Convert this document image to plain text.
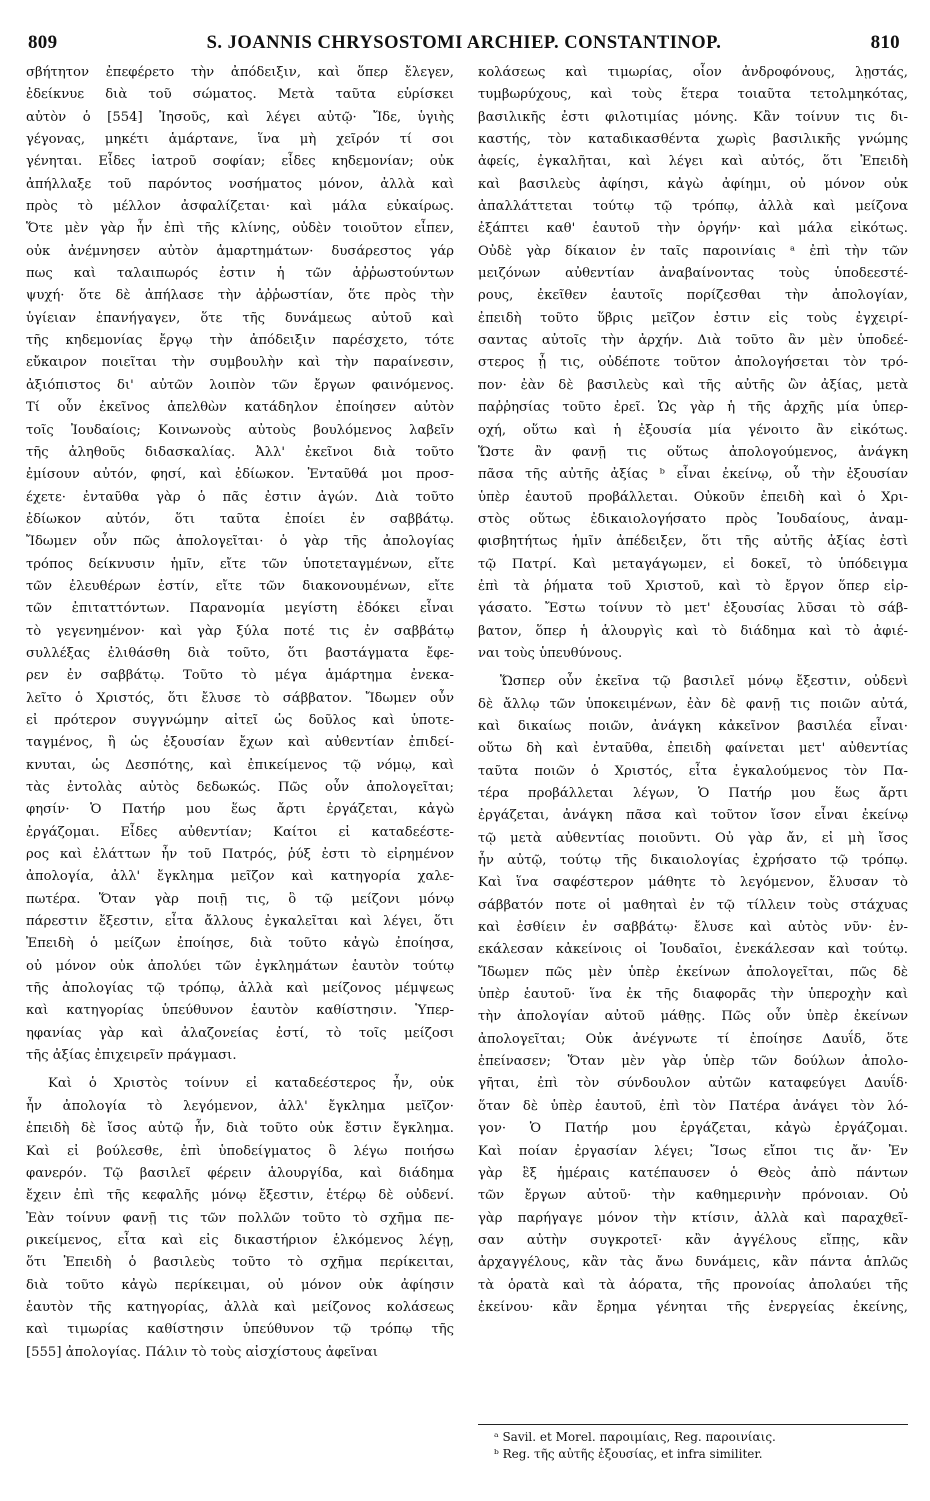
809	S. JOANNIS CHRYSOSTOMI ARCHIEP. CONSTANTINOP.	810
σβήτητον ἐπεφέρετο τὴν ἀπόδειξιν, καὶ ὅπερ ἔλεγεν,
ἐδείκνυε διὰ τοῦ σώματος. Μετὰ ταῦτα εὑρίσκει
αὐτὸν ὁ [554] Ἰησοῦς, καὶ λέγει αὐτῷ· Ἴδε, ὑγιὴς
γέγονας, μηκέτι ἁμάρτανε, ἵνα μὴ χεῖρόν τί σοι
γένηται. Εἶδες ἰατροῦ σοφίαν; εἶδες κηδεμονίαν; οὐκ
ἀπήλλαξε τοῦ παρόντος νοσήματος μόνον, ἀλλὰ καὶ
πρὸς τὸ μέλλον ἀσφαλίζεται· καὶ μάλα εὐκαίρως.
Ὅτε μὲν γὰρ ἦν ἐπὶ τῆς κλίνης, οὐδὲν τοιοῦτον εἶπεν,
οὐκ ἀνέμνησεν αὐτὸν ἁμαρτημάτων· δυσάρεστος γάρ
πως καὶ ταλαιπωρός ἐστιν ἡ τῶν ἀῤῥωστούντων
ψυχή· ὅτε δὲ ἀπήλασε τὴν ἀῤῥωστίαν, ὅτε πρὸς τὴν
ὑγίειαν ἐπανήγαγεν, ὅτε τῆς δυνάμεως αὐτοῦ καὶ
τῆς κηδεμονίας ἔργῳ τὴν ἀπόδειξιν παρέσχετο, τότε
εὔκαιρον ποιεῖται τὴν συμβουλὴν καὶ τὴν παραίνεσιν,
ἀξιόπιστος δι' αὐτῶν λοιπὸν τῶν ἔργων φαινόμενος.
Τί οὖν ἐκεῖνος ἀπελθὼν κατάδηλον ἐποίησεν αὐτὸν
τοῖς Ἰουδαίοις; Κοινωνοὺς αὐτοὺς βουλόμενος λαβεῖν
τῆς ἀληθοῦς διδασκαλίας. Ἀλλ' ἐκεῖνοι διὰ τοῦτο
ἐμίσουν αὐτόν, φησί, καὶ ἐδίωκον. Ἐνταῦθά μοι προσ-
έχετε· ἐνταῦθα γὰρ ὁ πᾶς ἐστιν ἀγών. Διὰ τοῦτο
ἐδίωκον αὐτόν, ὅτι ταῦτα ἐποίει ἐν σαββάτῳ.
Ἴδωμεν οὖν πῶς ἀπολογεῖται· ὁ γὰρ τῆς ἀπολογίας
τρόπος δείκνυσιν ἡμῖν, εἴτε τῶν ὑποτεταγμένων, εἴτε
τῶν ἐλευθέρων ἐστίν, εἴτε τῶν διακονουμένων, εἴτε
τῶν ἐπιταττόντων. Παρανομία μεγίστη ἐδόκει εἶναι
τὸ γεγενημένον· καὶ γὰρ ξύλα ποτέ τις ἐν σαββάτῳ
συλλέξας ἐλιθάσθη διὰ τοῦτο, ὅτι βαστάγματα ἔφε-
ρεν ἐν σαββάτῳ. Τοῦτο τὸ μέγα ἁμάρτημα ἐνεκα-
λεῖτο ὁ Χριστός, ὅτι ἔλυσε τὸ σάββατον. Ἴδωμεν οὖν
εἰ πρότερον συγγνώμην αἰτεῖ ὡς δοῦλος καὶ ὑποτε-
ταγμένος, ἢ ὡς ἐξουσίαν ἔχων καὶ αὐθεντίαν ἐπιδεί-
κνυται, ὡς Δεσπότης, καὶ ἐπικείμενος τῷ νόμῳ, καὶ
τὰς ἐντολὰς αὐτὸς δεδωκώς. Πῶς οὖν ἀπολογεῖται;
φησίν· Ὁ Πατήρ μου ἕως ἄρτι ἐργάζεται, κἀγὼ
ἐργάζομαι. Εἶδες αὐθεντίαν; Καίτοι εἰ καταδεέστε-
ρος καὶ ἐλάττων ἦν τοῦ Πατρός, ῥύξ ἐστι τὸ εἰρημένον
ἀπολογία, ἀλλ' ἔγκλημα μεῖζον καὶ κατηγορία χαλε-
πωτέρα. Ὅταν γὰρ ποιῇ τις, ὃ τῷ μείζονι μόνῳ
πάρεστιν ἔξεστιν, εἶτα ἄλλους ἐγκαλεῖται καὶ λέγει, ὅτι
Ἐπειδὴ ὁ μείζων ἐποίησε, διὰ τοῦτο κἀγὼ ἐποίησα,
οὐ μόνον οὐκ ἀπολύει τῶν ἐγκλημάτων ἑαυτὸν τούτῳ
τῆς ἀπολογίας τῷ τρόπῳ, ἀλλὰ καὶ μείζονος μέμψεως
καὶ κατηγορίας ὑπεύθυνον ἑαυτὸν καθίστησιν. Ὑπερ-
ηφανίας γὰρ καὶ ἀλαζονείας ἐστί, τὸ τοῖς μείζοσι
τῆς ἀξίας ἐπιχειρεῖν πράγμασι.
Καὶ ὁ Χριστὸς τοίνυν εἰ καταδεέστερος ἦν, οὐκ
ἦν ἀπολογία τὸ λεγόμενον, ἀλλ' ἔγκλημα μεῖζον·
ἐπειδὴ δὲ ἴσος αὐτῷ ἦν, διὰ τοῦτο οὐκ ἔστιν ἔγκλημα.
Καὶ εἰ βούλεσθε, ἐπὶ ὑποδείγματος ὃ λέγω ποιήσω
φανερόν. Τῷ βασιλεῖ φέρειν ἁλουργίδα, καὶ διάδημα
ἔχειν ἐπὶ τῆς κεφαλῆς μόνῳ ἔξεστιν, ἑτέρῳ δὲ οὐδενί.
Ἐὰν τοίνυν φανῇ τις τῶν πολλῶν τοῦτο τὸ σχῆμα πε-
ρικείμενος, εἶτα καὶ εἰς δικαστήριον ἑλκόμενος λέγῃ,
ὅτι Ἐπειδὴ ὁ βασιλεὺς τοῦτο τὸ σχῆμα περίκειται,
διὰ τοῦτο κἀγὼ περίκειμαι, οὐ μόνον οὐκ ἀφίησιν
ἑαυτὸν τῆς κατηγορίας, ἀλλὰ καὶ μείζονος κολάσεως
καὶ τιμωρίας καθίστησιν ὑπεύθυνον τῷ τρόπῳ τῆς
[555] ἀπολογίας. Πάλιν τὸ τοὺς αἰσχίστους ἀφεῖναι
κολάσεως καὶ τιμωρίας, οἷον ἀνδροφόνους, λῃστάς,
τυμβωρύχους, καὶ τοὺς ἕτερα τοιαῦτα τετολμηκότας,
βασιλικῆς ἐστι φιλοτιμίας μόνης. Κἂν τοίνυν τις δι-
καστής, τὸν καταδικασθέντα χωρὶς βασιλικῆς γνώμης
ἀφείς, ἐγκαλῆται, καὶ λέγει καὶ αὐτός, ὅτι Ἐπειδὴ
καὶ βασιλεὺς ἀφίησι, κἀγὼ ἀφίημι, οὐ μόνον οὐκ
ἀπαλλάττεται τούτῳ τῷ τρόπῳ, ἀλλὰ καὶ μείζονα
ἐξάπτει καθ' ἑαυτοῦ τὴν ὀργήν· καὶ μάλα εἰκότως.
Οὐδὲ γὰρ δίκαιον ἐν ταῖς παροινίαις ᵃ ἐπὶ τὴν τῶν
μειζόνων αὐθεντίαν ἀναβαίνοντας τοὺς ὑποδεεστέ-
ρους, ἐκεῖθεν ἑαυτοῖς πορίζεσθαι τὴν ἀπολογίαν,
ἐπειδὴ τοῦτο ὕβρις μεῖζον ἐστιν εἰς τοὺς ἐγχειρί-
σαντας αὐτοῖς τὴν ἀρχήν. Διὰ τοῦτο ἂν μὲν ὑποδεέ-
στερος ᾖ τις, οὐδέποτε τοῦτον ἀπολογήσεται τὸν τρό-
πον· ἐὰν δὲ βασιλεὺς καὶ τῆς αὐτῆς ὢν ἀξίας, μετὰ
παῤῥησίας τοῦτο ἐρεῖ. Ὡς γὰρ ἡ τῆς ἀρχῆς μία ὑπερ-
οχή, οὕτω καὶ ἡ ἐξουσία μία γένοιτο ἂν εἰκότως.
Ὥστε ἂν φανῇ τις οὕτως ἀπολογούμενος, ἀνάγκη
πᾶσα τῆς αὐτῆς ἀξίας ᵇ εἶναι ἐκείνῳ, οὗ τὴν ἐξουσίαν
ὑπὲρ ἑαυτοῦ προβάλλεται. Οὐκοῦν ἐπειδὴ καὶ ὁ Χρι-
στὸς οὕτως ἐδικαιολογήσατο πρὸς Ἰουδαίους, ἀναμ-
φισβητήτως ἡμῖν ἀπέδειξεν, ὅτι τῆς αὐτῆς ἀξίας ἐστὶ
τῷ Πατρί. Καὶ μεταγάγωμεν, εἰ δοκεῖ, τὸ ὑπόδειγμα
ἐπὶ τὰ ῥήματα τοῦ Χριστοῦ, καὶ τὸ ἔργον ὅπερ εἰρ-
γάσατο. Ἔστω τοίνυν τὸ μετ' ἐξουσίας λῦσαι τὸ σάβ-
βατον, ὅπερ ἡ ἁλουργὶς καὶ τὸ διάδημα καὶ τὸ ἀφιέ-
ναι τοὺς ὑπευθύνους.
Ὥσπερ οὖν ἐκεῖνα τῷ βασιλεῖ μόνῳ ἔξεστιν, οὐδενὶ
δὲ ἄλλῳ τῶν ὑποκειμένων, ἐὰν δὲ φανῇ τις ποιῶν αὐτά,
καὶ δικαίως ποιῶν, ἀνάγκη κἀκεῖνον βασιλέα εἶναι·
οὕτω δὴ καὶ ἐνταῦθα, ἐπειδὴ φαίνεται μετ' αὐθεντίας
ταῦτα ποιῶν ὁ Χριστός, εἶτα ἐγκαλούμενος τὸν Πα-
τέρα προβάλλεται λέγων, Ὁ Πατήρ μου ἕως ἄρτι
ἐργάζεται, ἀνάγκη πᾶσα καὶ τοῦτον ἴσον εἶναι ἐκείνῳ
τῷ μετὰ αὐθεντίας ποιοῦντι. Οὐ γὰρ ἄν, εἰ μὴ ἴσος
ἦν αὐτῷ, τούτῳ τῆς δικαιολογίας ἐχρήσατο τῷ τρόπῳ.
Καὶ ἵνα σαφέστερον μάθητε τὸ λεγόμενον, ἔλυσαν τὸ
σάββατόν ποτε οἱ μαθηταὶ ἐν τῷ τίλλειν τοὺς στάχυας
καὶ ἐσθίειν ἐν σαββάτῳ· ἔλυσε καὶ αὐτὸς νῦν· ἐν-
εκάλεσαν κἀκείνοις οἱ Ἰουδαῖοι, ἐνεκάλεσαν καὶ τούτῳ.
Ἴδωμεν πῶς μὲν ὑπὲρ ἐκείνων ἀπολογεῖται, πῶς δὲ
ὑπὲρ ἑαυτοῦ· ἵνα ἐκ τῆς διαφορᾶς τὴν ὑπεροχὴν καὶ
τὴν ἀπολογίαν αὐτοῦ μάθῃς. Πῶς οὖν ὑπὲρ ἐκείνων
ἀπολογεῖται; Οὐκ ἀνέγνωτε τί ἐποίησε Δαυΐδ, ὅτε
ἐπείνασεν; Ὅταν μὲν γὰρ ὑπὲρ τῶν δούλων ἀπολο-
γῆται, ἐπὶ τὸν σύνδουλον αὐτῶν καταφεύγει Δαυΐδ·
ὅταν δὲ ὑπὲρ ἑαυτοῦ, ἐπὶ τὸν Πατέρα ἀνάγει τὸν λό-
γον· Ὁ Πατήρ μου ἐργάζεται, κἀγὼ ἐργάζομαι.
Καὶ ποίαν ἐργασίαν λέγει; Ἴσως εἴποι τις ἄν· Ἐν
γὰρ ἓξ ἡμέραις κατέπαυσεν ὁ Θεὸς ἀπὸ πάντων
τῶν ἔργων αὐτοῦ· τὴν καθημερινὴν πρόνοιαν. Οὐ
γὰρ παρήγαγε μόνον τὴν κτίσιν, ἀλλὰ καὶ παραχθεῖ-
σαν αὐτὴν συγκροτεῖ· κἂν ἀγγέλους εἴπῃς, κἂν
ἀρχαγγέλους, κἂν τὰς ἄνω δυνάμεις, κἂν πάντα ἁπλῶς
τὰ ὁρατὰ καὶ τὰ ἀόρατα, τῆς προνοίας ἀπολαύει τῆς
ἐκείνου· κἂν ἔρημα γένηται τῆς ἐνεργείας ἐκείνης,
ᵃ Savil. et Morel. παροιμίαις, Reg. παροινίαις.
ᵇ Reg. τῆς αὐτῆς ἐξουσίας, et infra similiter.
